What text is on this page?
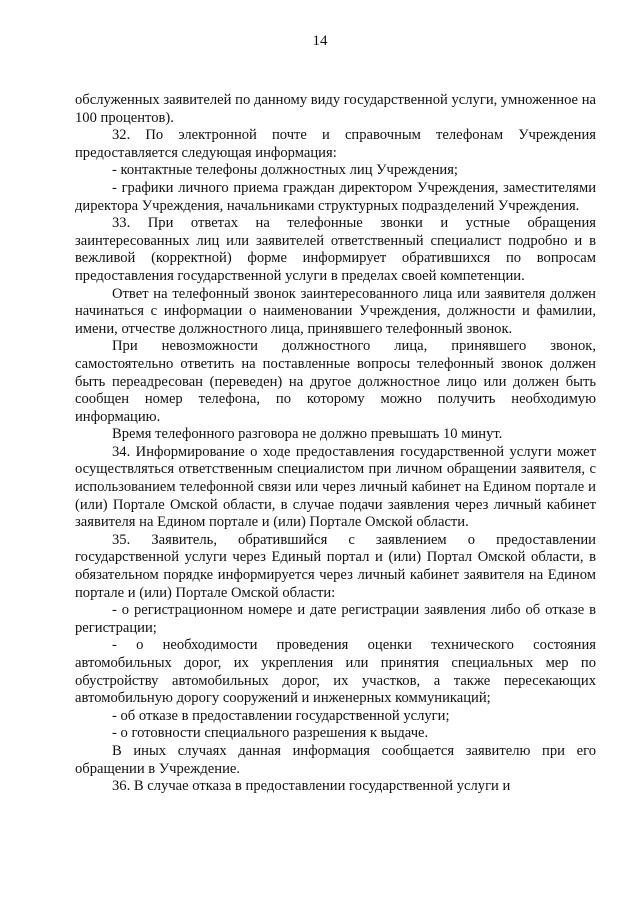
14

обслуженных заявителей по данному виду государственной услуги, умноженное на 100 процентов).

32. По электронной почте и справочным телефонам Учреждения предоставляется следующая информация:

- контактные телефоны должностных лиц Учреждения;

- графики личного приема граждан директором Учреждения, заместителями директора Учреждения, начальниками структурных подразделений Учреждения.

33. При ответах на телефонные звонки и устные обращения заинтересованных лиц или заявителей ответственный специалист подробно и в вежливой (корректной) форме информирует обратившихся по вопросам предоставления государственной услуги в пределах своей компетенции.

Ответ на телефонный звонок заинтересованного лица или заявителя должен начинаться с информации о наименовании Учреждения, должности и фамилии, имени, отчестве должностного лица, принявшего телефонный звонок.

При невозможности должностного лица, принявшего звонок, самостоятельно ответить на поставленные вопросы телефонный звонок должен быть переадресован (переведен) на другое должностное лицо или должен быть сообщен номер телефона, по которому можно получить необходимую информацию.

Время телефонного разговора не должно превышать 10 минут.

34. Информирование о ходе предоставления государственной услуги может осуществляться ответственным специалистом при личном обращении заявителя, с использованием телефонной связи или через личный кабинет на Едином портале и (или) Портале Омской области, в случае подачи заявления через личный кабинет заявителя на Едином портале и (или) Портале Омской области.

35. Заявитель, обратившийся с заявлением о предоставлении государственной услуги через Единый портал и (или) Портал Омской области, в обязательном порядке информируется через личный кабинет заявителя на Едином портале и (или) Портале Омской области:

- о регистрационном номере и дате регистрации заявления либо об отказе в регистрации;

- о необходимости проведения оценки технического состояния автомобильных дорог, их укрепления или принятия специальных мер по обустройству автомобильных дорог, их участков, а также пересекающих автомобильную дорогу сооружений и инженерных коммуникаций;

- об отказе в предоставлении государственной услуги;

- о готовности специального разрешения к выдаче.

В иных случаях данная информация сообщается заявителю при его обращении в Учреждение.

36. В случае отказа в предоставлении государственной услуги и
